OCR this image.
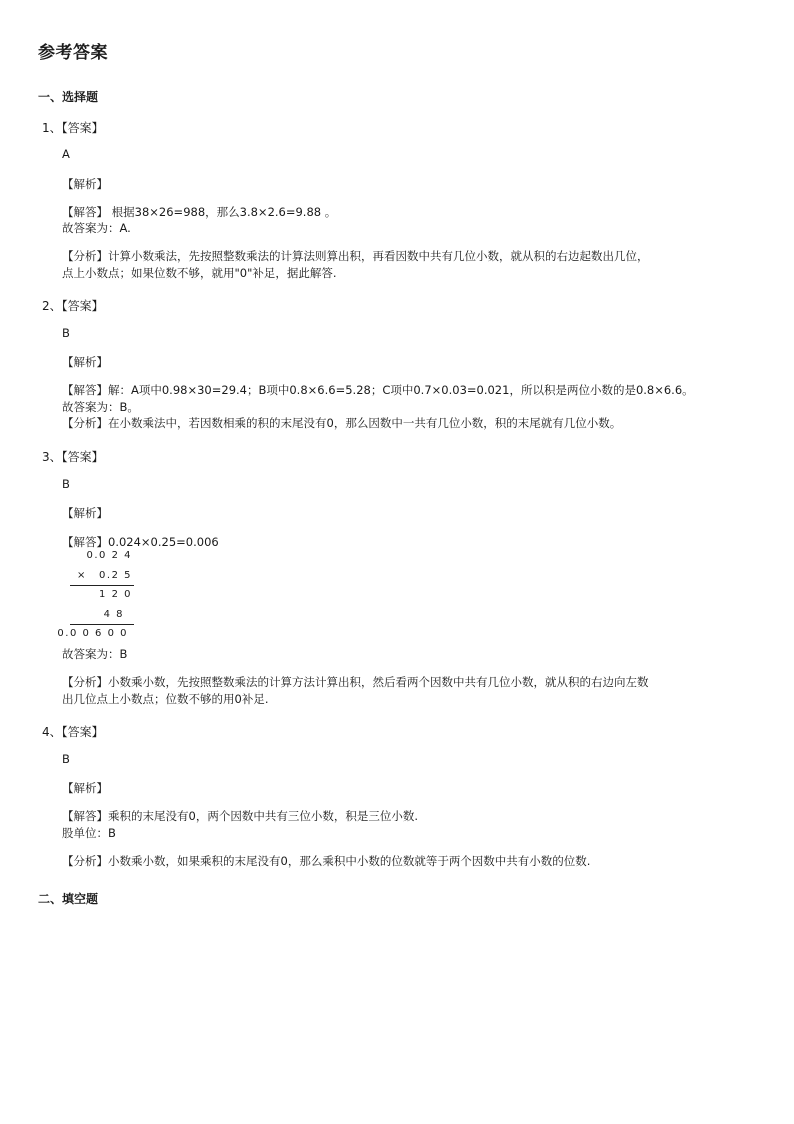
参考答案
一、选择题
1、【答案】
A
【解析】
【解答】 根据38×26=988，那么3.8×2.6=9.88 。
故答案为：A.
【分析】计算小数乘法，先按照整数乘法的计算法则算出积，再看因数中共有几位小数，就从积的右边起数出几位，
点上小数点；如果位数不够，就用"0"补足，据此解答.
2、【答案】
B
【解析】
【解答】解：A项中0.98×30=29.4；B项中0.8×6.6=5.28；C项中0.7×0.03=0.021，所以积是两位小数的是0.8×6.6。
故答案为：B。
【分析】在小数乘法中，若因数相乘的积的末尾没有0，那么因数中一共有几位小数，积的末尾就有几位小数。
3、【答案】
B
【解析】
【解答】0.024×0.25=0.006
0.0 2 4
× 0.2 5
1 2 0
4 8
0.0 0 6 0 0
故答案为：B
【分析】小数乘小数，先按照整数乘法的计算方法计算出积，然后看两个因数中共有几位小数，就从积的右边向左数
出几位点上小数点；位数不够的用0补足.
4、【答案】
B
【解析】
【解答】乘积的末尾没有0，两个因数中共有三位小数，积是三位小数.
股单位：B
【分析】小数乘小数，如果乘积的末尾没有0，那么乘积中小数的位数就等于两个因数中共有小数的位数.
二、填空题
